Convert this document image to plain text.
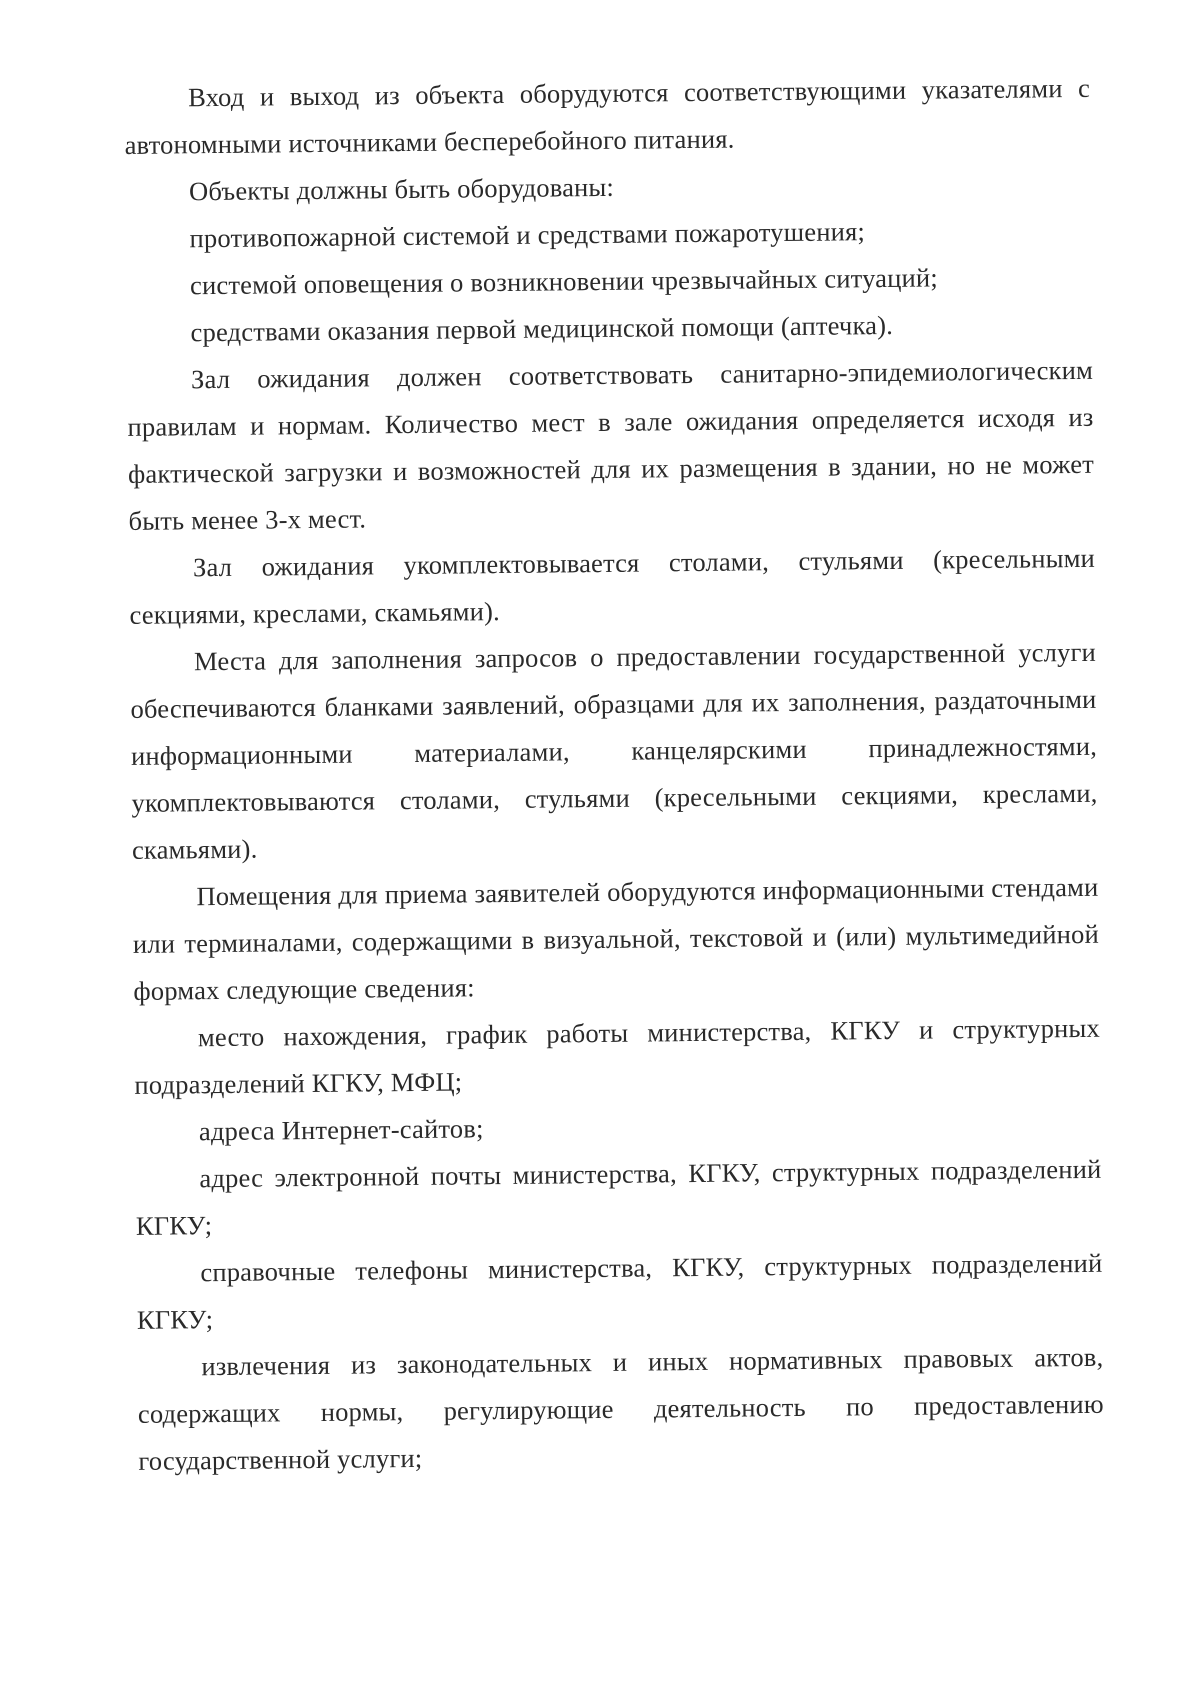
Вход и выход из объекта оборудуются соответствующими указателями с автономными источниками бесперебойного питания.

Объекты должны быть оборудованы:

противопожарной системой и средствами пожаротушения;

системой оповещения о возникновении чрезвычайных ситуаций;

средствами оказания первой медицинской помощи (аптечка).

Зал ожидания должен соответствовать санитарно-эпидемиологическим правилам и нормам. Количество мест в зале ожидания определяется исходя из фактической загрузки и возможностей для их размещения в здании, но не может быть менее 3-х мест.

Зал ожидания укомплектовывается столами, стульями (кресельными секциями, креслами, скамьями).

Места для заполнения запросов о предоставлении государственной услуги обеспечиваются бланками заявлений, образцами для их заполнения, раздаточными информационными материалами, канцелярскими принадлежностями, укомплектовываются столами, стульями (кресельными секциями, креслами, скамьями).

Помещения для приема заявителей оборудуются информационными стендами или терминалами, содержащими в визуальной, текстовой и (или) мультимедийной формах следующие сведения:

место нахождения, график работы министерства, КГКУ и структурных подразделений КГКУ, МФЦ;

адреса Интернет-сайтов;

адрес электронной почты министерства, КГКУ, структурных подразделений КГКУ;

справочные телефоны министерства, КГКУ, структурных подразделений КГКУ;

извлечения из законодательных и иных нормативных правовых актов, содержащих нормы, регулирующие деятельность по предоставлению государственной услуги;
